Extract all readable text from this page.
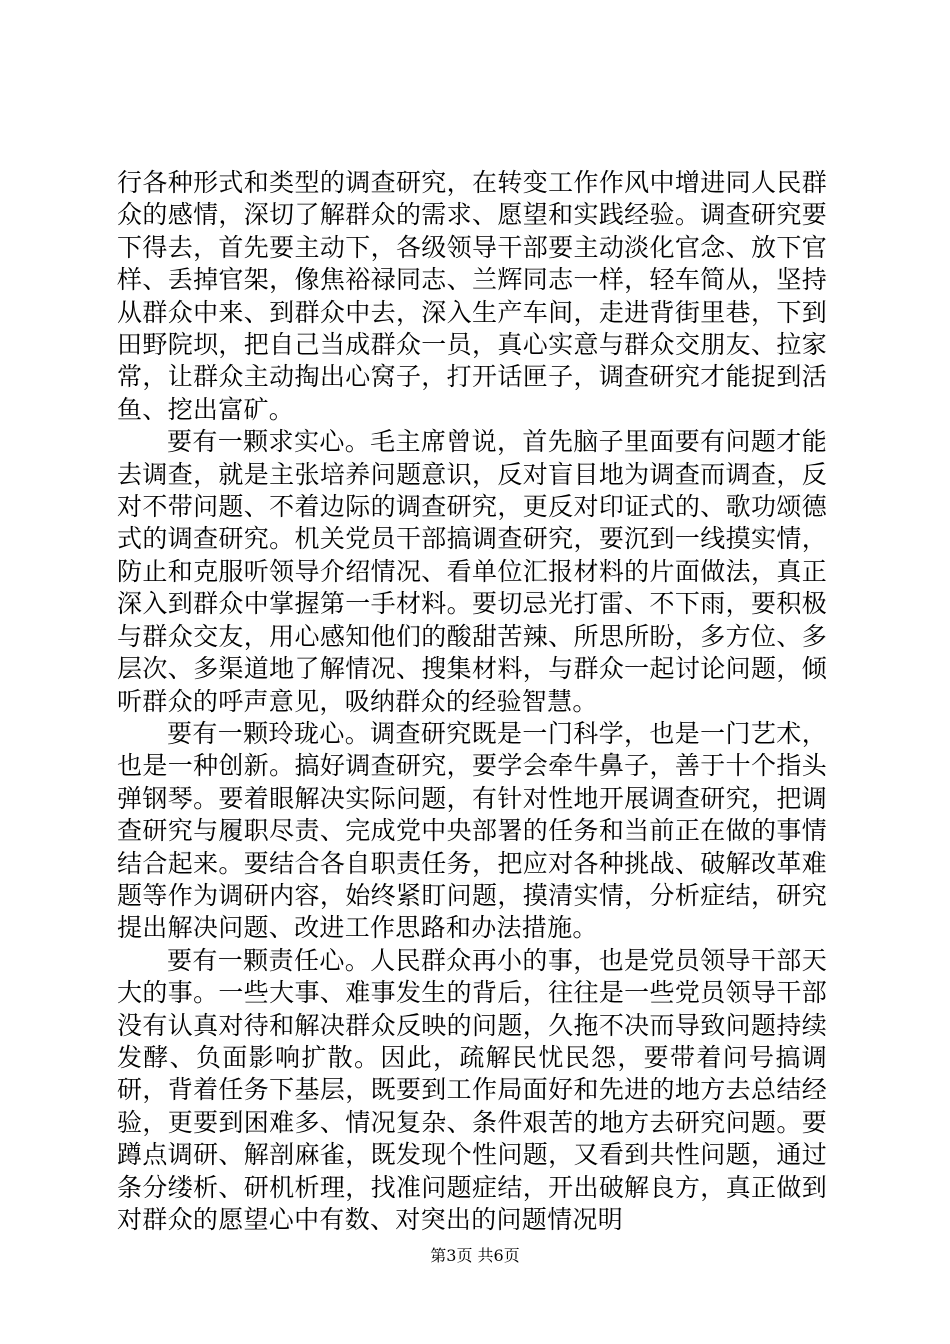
行各种形式和类型的调查研究，在转变工作作风中增进同人民群众的感情，深切了解群众的需求、愿望和实践经验。调查研究要下得去，首先要主动下，各级领导干部要主动淡化官念、放下官样、丢掉官架，像焦裕禄同志、兰辉同志一样，轻车简从，坚持从群众中来、到群众中去，深入生产车间，走进背街里巷，下到田野院坝，把自己当成群众一员，真心实意与群众交朋友、拉家常，让群众主动掏出心窝子，打开话匣子，调查研究才能捉到活鱼、挖出富矿。

要有一颗求实心。毛主席曾说，首先脑子里面要有问题才能去调查，就是主张培养问题意识，反对盲目地为调查而调查，反对不带问题、不着边际的调查研究，更反对印证式的、歌功颂德式的调查研究。机关党员干部搞调查研究，要沉到一线摸实情，防止和克服听领导介绍情况、看单位汇报材料的片面做法，真正深入到群众中掌握第一手材料。要切忌光打雷、不下雨，要积极与群众交友，用心感知他们的酸甜苦辣、所思所盼，多方位、多层次、多渠道地了解情况、搜集材料，与群众一起讨论问题，倾听群众的呼声意见，吸纳群众的经验智慧。

要有一颗玲珑心。调查研究既是一门科学，也是一门艺术，也是一种创新。搞好调查研究，要学会牵牛鼻子，善于十个指头弹钢琴。要着眼解决实际问题，有针对性地开展调查研究，把调查研究与履职尽责、完成党中央部署的任务和当前正在做的事情结合起来。要结合各自职责任务，把应对各种挑战、破解改革难题等作为调研内容，始终紧盯问题，摸清实情，分析症结，研究提出解决问题、改进工作思路和办法措施。

要有一颗责任心。人民群众再小的事，也是党员领导干部天大的事。一些大事、难事发生的背后，往往是一些党员领导干部没有认真对待和解决群众反映的问题，久拖不决而导致问题持续发酵、负面影响扩散。因此，疏解民忧民怨，要带着问号搞调研，背着任务下基层，既要到工作局面好和先进的地方去总结经验，更要到困难多、情况复杂、条件艰苦的地方去研究问题。要蹲点调研、解剖麻雀，既发现个性问题，又看到共性问题，通过条分缕析、研机析理，找准问题症结，开出破解良方，真正做到对群众的愿望心中有数、对突出的问题情况明

第3页 共6页
